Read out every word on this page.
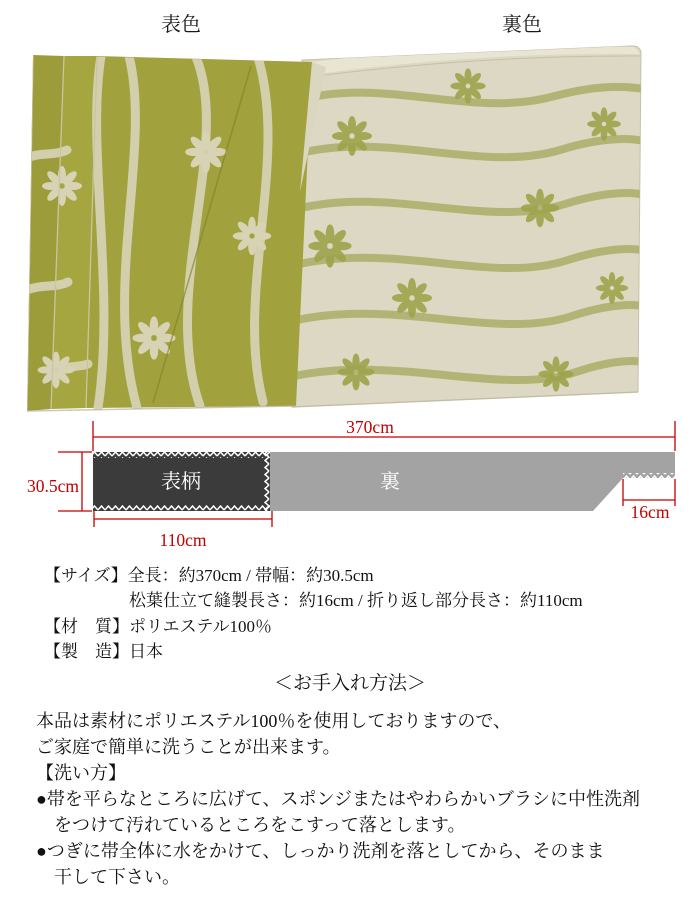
表色	裏色
370cm
表柄	裏
30.5cm
110cm
16cm
【サイズ】全長：約370cm / 帯幅：約30.5cm
松葉仕立て縫製長さ：約16cm / 折り返し部分長さ：約110cm
【材　質】ポリエステル100％
【製　造】日本
＜お手入れ方法＞
本品は素材にポリエステル100％を使用しておりますので、
ご家庭で簡単に洗うことが出来ます。
【洗い方】
●帯を平らなところに広げて、スポンジまたはやわらかいブラシに中性洗剤
　をつけて汚れているところをこすって落とします。
●つぎに帯全体に水をかけて、しっかり洗剤を落としてから、そのまま
　干して下さい。
